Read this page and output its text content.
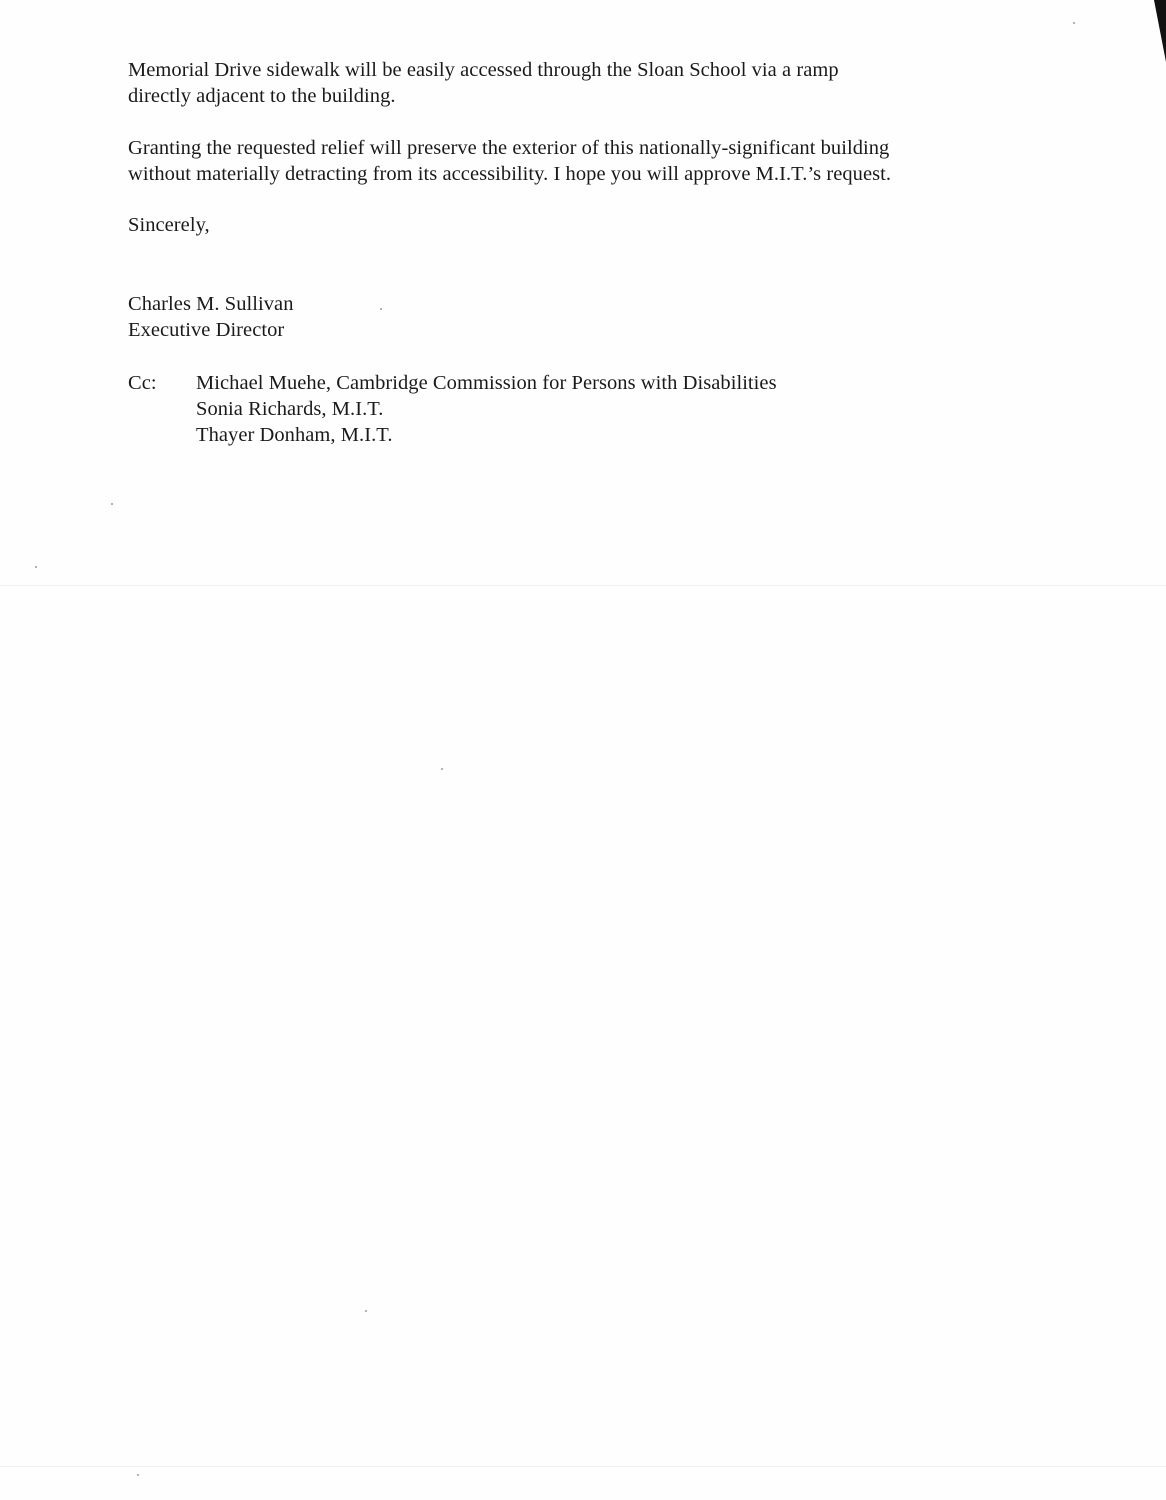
Memorial Drive sidewalk will be easily accessed through the Sloan School via a ramp
directly adjacent to the building.
Granting the requested relief will preserve the exterior of this nationally-significant building
without materially detracting from its accessibility. I hope you will approve M.I.T.’s request.
Sincerely,
Charles M. Sullivan
Executive Director
Cc:	Michael Muehe, Cambridge Commission for Persons with Disabilities
Sonia Richards, M.I.T.
Thayer Donham, M.I.T.
